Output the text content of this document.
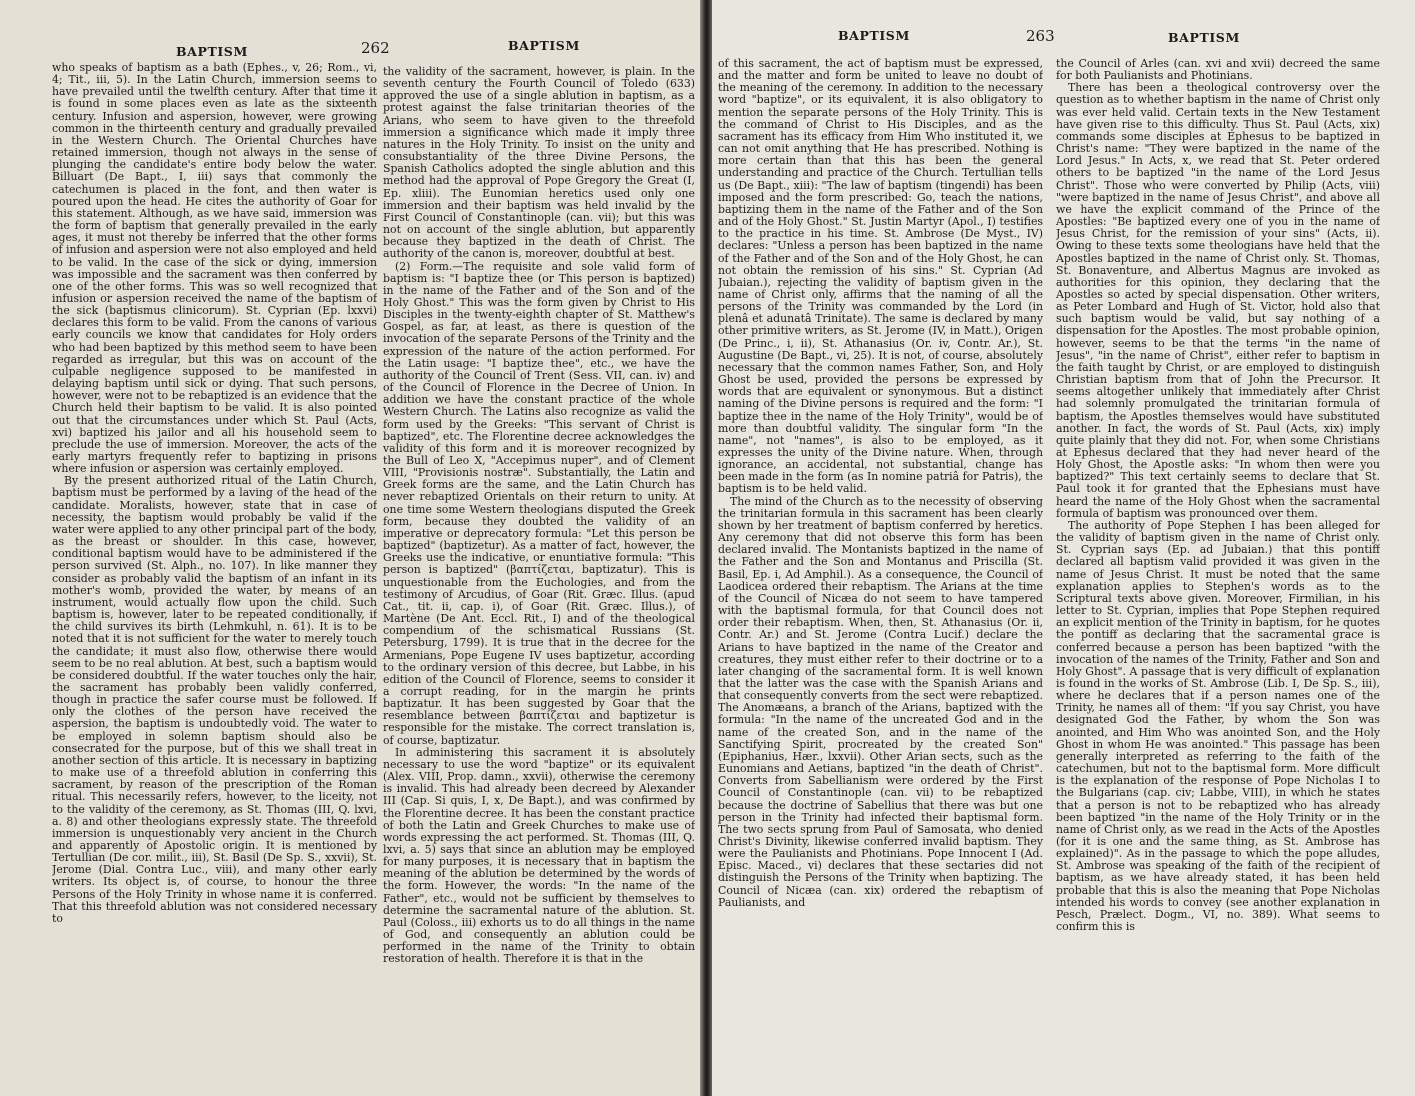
BAPTISM	262	BAPTISM

who speaks of baptism as a bath (Ephes., v, 26; Rom., vi, 4; Tit., iii, 5). In the Latin Church, immersion seems to have prevailed until the twelfth century. After that time it is found in some places even as late as the sixteenth century. Infusion and aspersion, however, were growing common in the thirteenth century and gradually prevailed in the Western Church. The Oriental Churches have retained immersion, though not always in the sense of plunging the candidate's entire body below the water. Billuart (De Bapt., I, iii) says that commonly the catechumen is placed in the font, and then water is poured upon the head. He cites the authority of Goar for this statement. Although, as we have said, immersion was the form of baptism that generally prevailed in the early ages, it must not thereby be inferred that the other forms of infusion and aspersion were not also employed and held to be valid. In the case of the sick or dying, immersion was impossible and the sacrament was then conferred by one of the other forms. This was so well recognized that infusion or aspersion received the name of the baptism of the sick (baptismus clinicorum). St. Cyprian (Ep. lxxvi) declares this form to be valid. From the canons of various early councils we know that candidates for Holy orders who had been baptized by this method seem to have been regarded as irregular, but this was on account of the culpable negligence supposed to be manifested in delaying baptism until sick or dying. That such persons, however, were not to be rebaptized is an evidence that the Church held their baptism to be valid. It is also pointed out that the circumstances under which St. Paul (Acts, xvi) baptized his jailor and all his household seem to preclude the use of immersion. Moreover, the acts of the early martyrs frequently refer to baptizing in prisons where infusion or aspersion was certainly employed.

By the present authorized ritual of the Latin Church, baptism must be performed by a laving of the head of the candidate. Moralists, however, state that in case of necessity, the baptism would probably be valid if the water were applied to any other principal part of the body, as the breast or shoulder. In this case, however, conditional baptism would have to be administered if the person survived (St. Alph., no. 107). In like manner they consider as probably valid the baptism of an infant in its mother's womb, provided the water, by means of an instrument, would actually flow upon the child. Such baptism is, however, later to be repeated conditionally, if the child survives its birth (Lehmkuhl, n. 61). It is to be noted that it is not sufficient for the water to merely touch the candidate; it must also flow, otherwise there would seem to be no real ablution. At best, such a baptism would be considered doubtful. If the water touches only the hair, the sacrament has probably been validly conferred, though in practice the safer course must be followed. If only the clothes of the person have received the aspersion, the baptism is undoubtedly void. The water to be employed in solemn baptism should also be consecrated for the purpose, but of this we shall treat in another section of this article. It is necessary in baptizing to make use of a threefold ablution in conferring this sacrament, by reason of the prescription of the Roman ritual. This necessarily refers, however, to the liceity, not to the validity of the ceremony, as St. Thomas (III, Q. lxvi, a. 8) and other theologians expressly state. The threefold immersion is unquestionably very ancient in the Church and apparently of Apostolic origin. It is mentioned by Tertullian (De cor. milit., iii), St. Basil (De Sp. S., xxvii), St. Jerome (Dial. Contra Luc., viii), and many other early writers. Its object is, of course, to honour the three Persons of the Holy Trinity in whose name it is conferred. That this threefold ablution was not considered necessary to

the validity of the sacrament, however, is plain. In the seventh century the Fourth Council of Toledo (633) approved the use of a single ablution in baptism, as a protest against the false trinitarian theories of the Arians, who seem to have given to the threefold immersion a significance which made it imply three natures in the Holy Trinity. To insist on the unity and consubstantiality of the three Divine Persons, the Spanish Catholics adopted the single ablution and this method had the approval of Pope Gregory the Great (I, Ep. xliii). The Eunomian heretics used only one immersion and their baptism was held invalid by the First Council of Constantinople (can. vii); but this was not on account of the single ablution, but apparently because they baptized in the death of Christ. The authority of the canon is, moreover, doubtful at best.

(2) Form.—The requisite and sole valid form of baptism is: "I baptize thee (or This person is baptized) in the name of the Father and of the Son and of the Holy Ghost." This was the form given by Christ to His Disciples in the twenty-eighth chapter of St. Matthew's Gospel, as far, at least, as there is question of the invocation of the separate Persons of the Trinity and the expression of the nature of the action performed. For the Latin usage: "I baptize thee", etc., we have the authority of the Council of Trent (Sess. VII, can. iv) and of the Council of Florence in the Decree of Union. In addition we have the constant practice of the whole Western Church. The Latins also recognize as valid the form used by the Greeks: "This servant of Christ is baptized", etc. The Florentine decree acknowledges the validity of this form and it is moreover recognized by the Bull of Leo X, "Accepimus nuper", and of Clement VIII, "Provisionis nostræ". Substantially, the Latin and Greek forms are the same, and the Latin Church has never rebaptized Orientals on their return to unity. At one time some Western theologians disputed the Greek form, because they doubted the validity of an imperative or deprecatory formula: "Let this person be baptized" (baptizetur). As a matter of fact, however, the Greeks use the indicative, or enuntiative formula: "This person is baptized" (βαπτίζεται, baptizatur). This is unquestionable from the Euchologies, and from the testimony of Arcudius, of Goar (Rit. Græc. Illus. (apud Cat., tit. ii, cap. i), of Goar (Rit. Græc. Illus.), of Martène (De Ant. Eccl. Rit., I) and of the theological compendium of the schismatical Russians (St. Petersburg, 1799). It is true that in the decree for the Armenians, Pope Eugene IV uses baptizetur, according to the ordinary version of this decree, but Labbe, in his edition of the Council of Florence, seems to consider it a corrupt reading, for in the margin he prints baptizatur. It has been suggested by Goar that the resemblance between βαπτίζεται and baptizetur is responsible for the mistake. The correct translation is, of course, baptizatur.

In administering this sacrament it is absolutely necessary to use the word "baptize" or its equivalent (Alex. VIII, Prop. damn., xxvii), otherwise the ceremony is invalid. This had already been decreed by Alexander III (Cap. Si quis, I, x, De Bapt.), and was confirmed by the Florentine decree. It has been the constant practice of both the Latin and Greek Churches to make use of words expressing the act performed. St. Thomas (III, Q. lxvi, a. 5) says that since an ablution may be employed for many purposes, it is necessary that in baptism the meaning of the ablution be determined by the words of the form. However, the words: "In the name of the Father", etc., would not be sufficient by themselves to determine the sacramental nature of the ablution. St. Paul (Coloss., iii) exhorts us to do all things in the name of God, and consequently an ablution could be performed in the name of the Trinity to obtain restoration of health. Therefore it is that in the

BAPTISM	263	BAPTISM

of this sacrament, the act of baptism must be expressed, and the matter and form be united to leave no doubt of the meaning of the ceremony. In addition to the necessary word "baptize", or its equivalent, it is also obligatory to mention the separate persons of the Holy Trinity. This is the command of Christ to His Disciples, and as the sacrament has its efficacy from Him Who instituted it, we can not omit anything that He has prescribed. Nothing is more certain than that this has been the general understanding and practice of the Church. Tertullian tells us (De Bapt., xiii): "The law of baptism (tingendi) has been imposed and the form prescribed: Go, teach the nations, baptizing them in the name of the Father and of the Son and of the Holy Ghost." St. Justin Martyr (Apol., I) testifies to the practice in his time. St. Ambrose (De Myst., IV) declares: "Unless a person has been baptized in the name of the Father and of the Son and of the Holy Ghost, he can not obtain the remission of his sins." St. Cyprian (Ad Jubaian.), rejecting the validity of baptism given in the name of Christ only, affirms that the naming of all the persons of the Trinity was commanded by the Lord (in plenâ et adunatâ Trinitate). The same is declared by many other primitive writers, as St. Jerome (IV, in Matt.), Origen (De Princ., i, ii), St. Athanasius (Or. iv, Contr. Ar.), St. Augustine (De Bapt., vi, 25). It is not, of course, absolutely necessary that the common names Father, Son, and Holy Ghost be used, provided the persons be expressed by words that are equivalent or synonymous. But a distinct naming of the Divine persons is required and the form: "I baptize thee in the name of the Holy Trinity", would be of more than doubtful validity. The singular form "In the name", not "names", is also to be employed, as it expresses the unity of the Divine nature. When, through ignorance, an accidental, not substantial, change has been made in the form (as In nomine patriâ for Patris), the baptism is to be held valid.

The mind of the Church as to the necessity of observing the trinitarian formula in this sacrament has been clearly shown by her treatment of baptism conferred by heretics. Any ceremony that did not observe this form has been declared invalid. The Montanists baptized in the name of the Father and the Son and Montanus and Priscilla (St. Basil, Ep. i, Ad Amphil.). As a consequence, the Council of Laodicea ordered their rebaptism. The Arians at the time of the Council of Nicæa do not seem to have tampered with the baptismal formula, for that Council does not order their rebaptism. When, then, St. Athanasius (Or. ii, Contr. Ar.) and St. Jerome (Contra Lucif.) declare the Arians to have baptized in the name of the Creator and creatures, they must either refer to their doctrine or to a later changing of the sacramental form. It is well known that the latter was the case with the Spanish Arians and that consequently converts from the sect were rebaptized. The Anomæans, a branch of the Arians, baptized with the formula: "In the name of the uncreated God and in the name of the created Son, and in the name of the Sanctifying Spirit, procreated by the created Son" (Epiphanius, Hær., lxxvii). Other Arian sects, such as the Eunomians and Aetians, baptized "in the death of Christ". Converts from Sabellianism were ordered by the First Council of Constantinople (can. vii) to be rebaptized because the doctrine of Sabellius that there was but one person in the Trinity had infected their baptismal form. The two sects sprung from Paul of Samosata, who denied Christ's Divinity, likewise conferred invalid baptism. They were the Paulianists and Photinians. Pope Innocent I (Ad. Episc. Maced., vi) declares that these sectaries did not distinguish the Persons of the Trinity when baptizing. The Council of Nicæa (can. xix) ordered the rebaptism of Paulianists, and

the Council of Arles (can. xvi and xvii) decreed the same for both Paulianists and Photinians.

There has been a theological controversy over the question as to whether baptism in the name of Christ only was ever held valid. Certain texts in the New Testament have given rise to this difficulty. Thus St. Paul (Acts, xix) commands some disciples at Ephesus to be baptized in Christ's name: "They were baptized in the name of the Lord Jesus." In Acts, x, we read that St. Peter ordered others to be baptized "in the name of the Lord Jesus Christ". Those who were converted by Philip (Acts, viii) "were baptized in the name of Jesus Christ", and above all we have the explicit command of the Prince of the Apostles: "Be baptized every one of you in the name of Jesus Christ, for the remission of your sins" (Acts, ii). Owing to these texts some theologians have held that the Apostles baptized in the name of Christ only. St. Thomas, St. Bonaventure, and Albertus Magnus are invoked as authorities for this opinion, they declaring that the Apostles so acted by special dispensation. Other writers, as Peter Lombard and Hugh of St. Victor, hold also that such baptism would be valid, but say nothing of a dispensation for the Apostles. The most probable opinion, however, seems to be that the terms "in the name of Jesus", "in the name of Christ", either refer to baptism in the faith taught by Christ, or are employed to distinguish Christian baptism from that of John the Precursor. It seems altogether unlikely that immediately after Christ had solemnly promulgated the trinitarian formula of baptism, the Apostles themselves would have substituted another. In fact, the words of St. Paul (Acts, xix) imply quite plainly that they did not. For, when some Christians at Ephesus declared that they had never heard of the Holy Ghost, the Apostle asks: "In whom then were you baptized?" This text certainly seems to declare that St. Paul took it for granted that the Ephesians must have heard the name of the Holy Ghost when the sacramental formula of baptism was pronounced over them.

The authority of Pope Stephen I has been alleged for the validity of baptism given in the name of Christ only. St. Cyprian says (Ep. ad Jubaian.) that this pontiff declared all baptism valid provided it was given in the name of Jesus Christ. It must be noted that the same explanation applies to Stephen's words as to the Scriptural texts above given. Moreover, Firmilian, in his letter to St. Cyprian, implies that Pope Stephen required an explicit mention of the Trinity in baptism, for he quotes the pontiff as declaring that the sacramental grace is conferred because a person has been baptized "with the invocation of the names of the Trinity, Father and Son and Holy Ghost". A passage that is very difficult of explanation is found in the works of St. Ambrose (Lib. I, De Sp. S., iii), where he declares that if a person names one of the Trinity, he names all of them: "If you say Christ, you have designated God the Father, by whom the Son was anointed, and Him Who was anointed Son, and the Holy Ghost in whom He was anointed." This passage has been generally interpreted as referring to the faith of the catechumen, but not to the baptismal form. More difficult is the explanation of the response of Pope Nicholas I to the Bulgarians (cap. civ; Labbe, VIII), in which he states that a person is not to be rebaptized who has already been baptized "in the name of the Holy Trinity or in the name of Christ only, as we read in the Acts of the Apostles (for it is one and the same thing, as St. Ambrose has explained)". As in the passage to which the pope alludes, St. Ambrose was speaking of the faith of the recipient of baptism, as we have already stated, it has been held probable that this is also the meaning that Pope Nicholas intended his words to convey (see another explanation in Pesch, Prælect. Dogm., VI, no. 389). What seems to confirm this is
